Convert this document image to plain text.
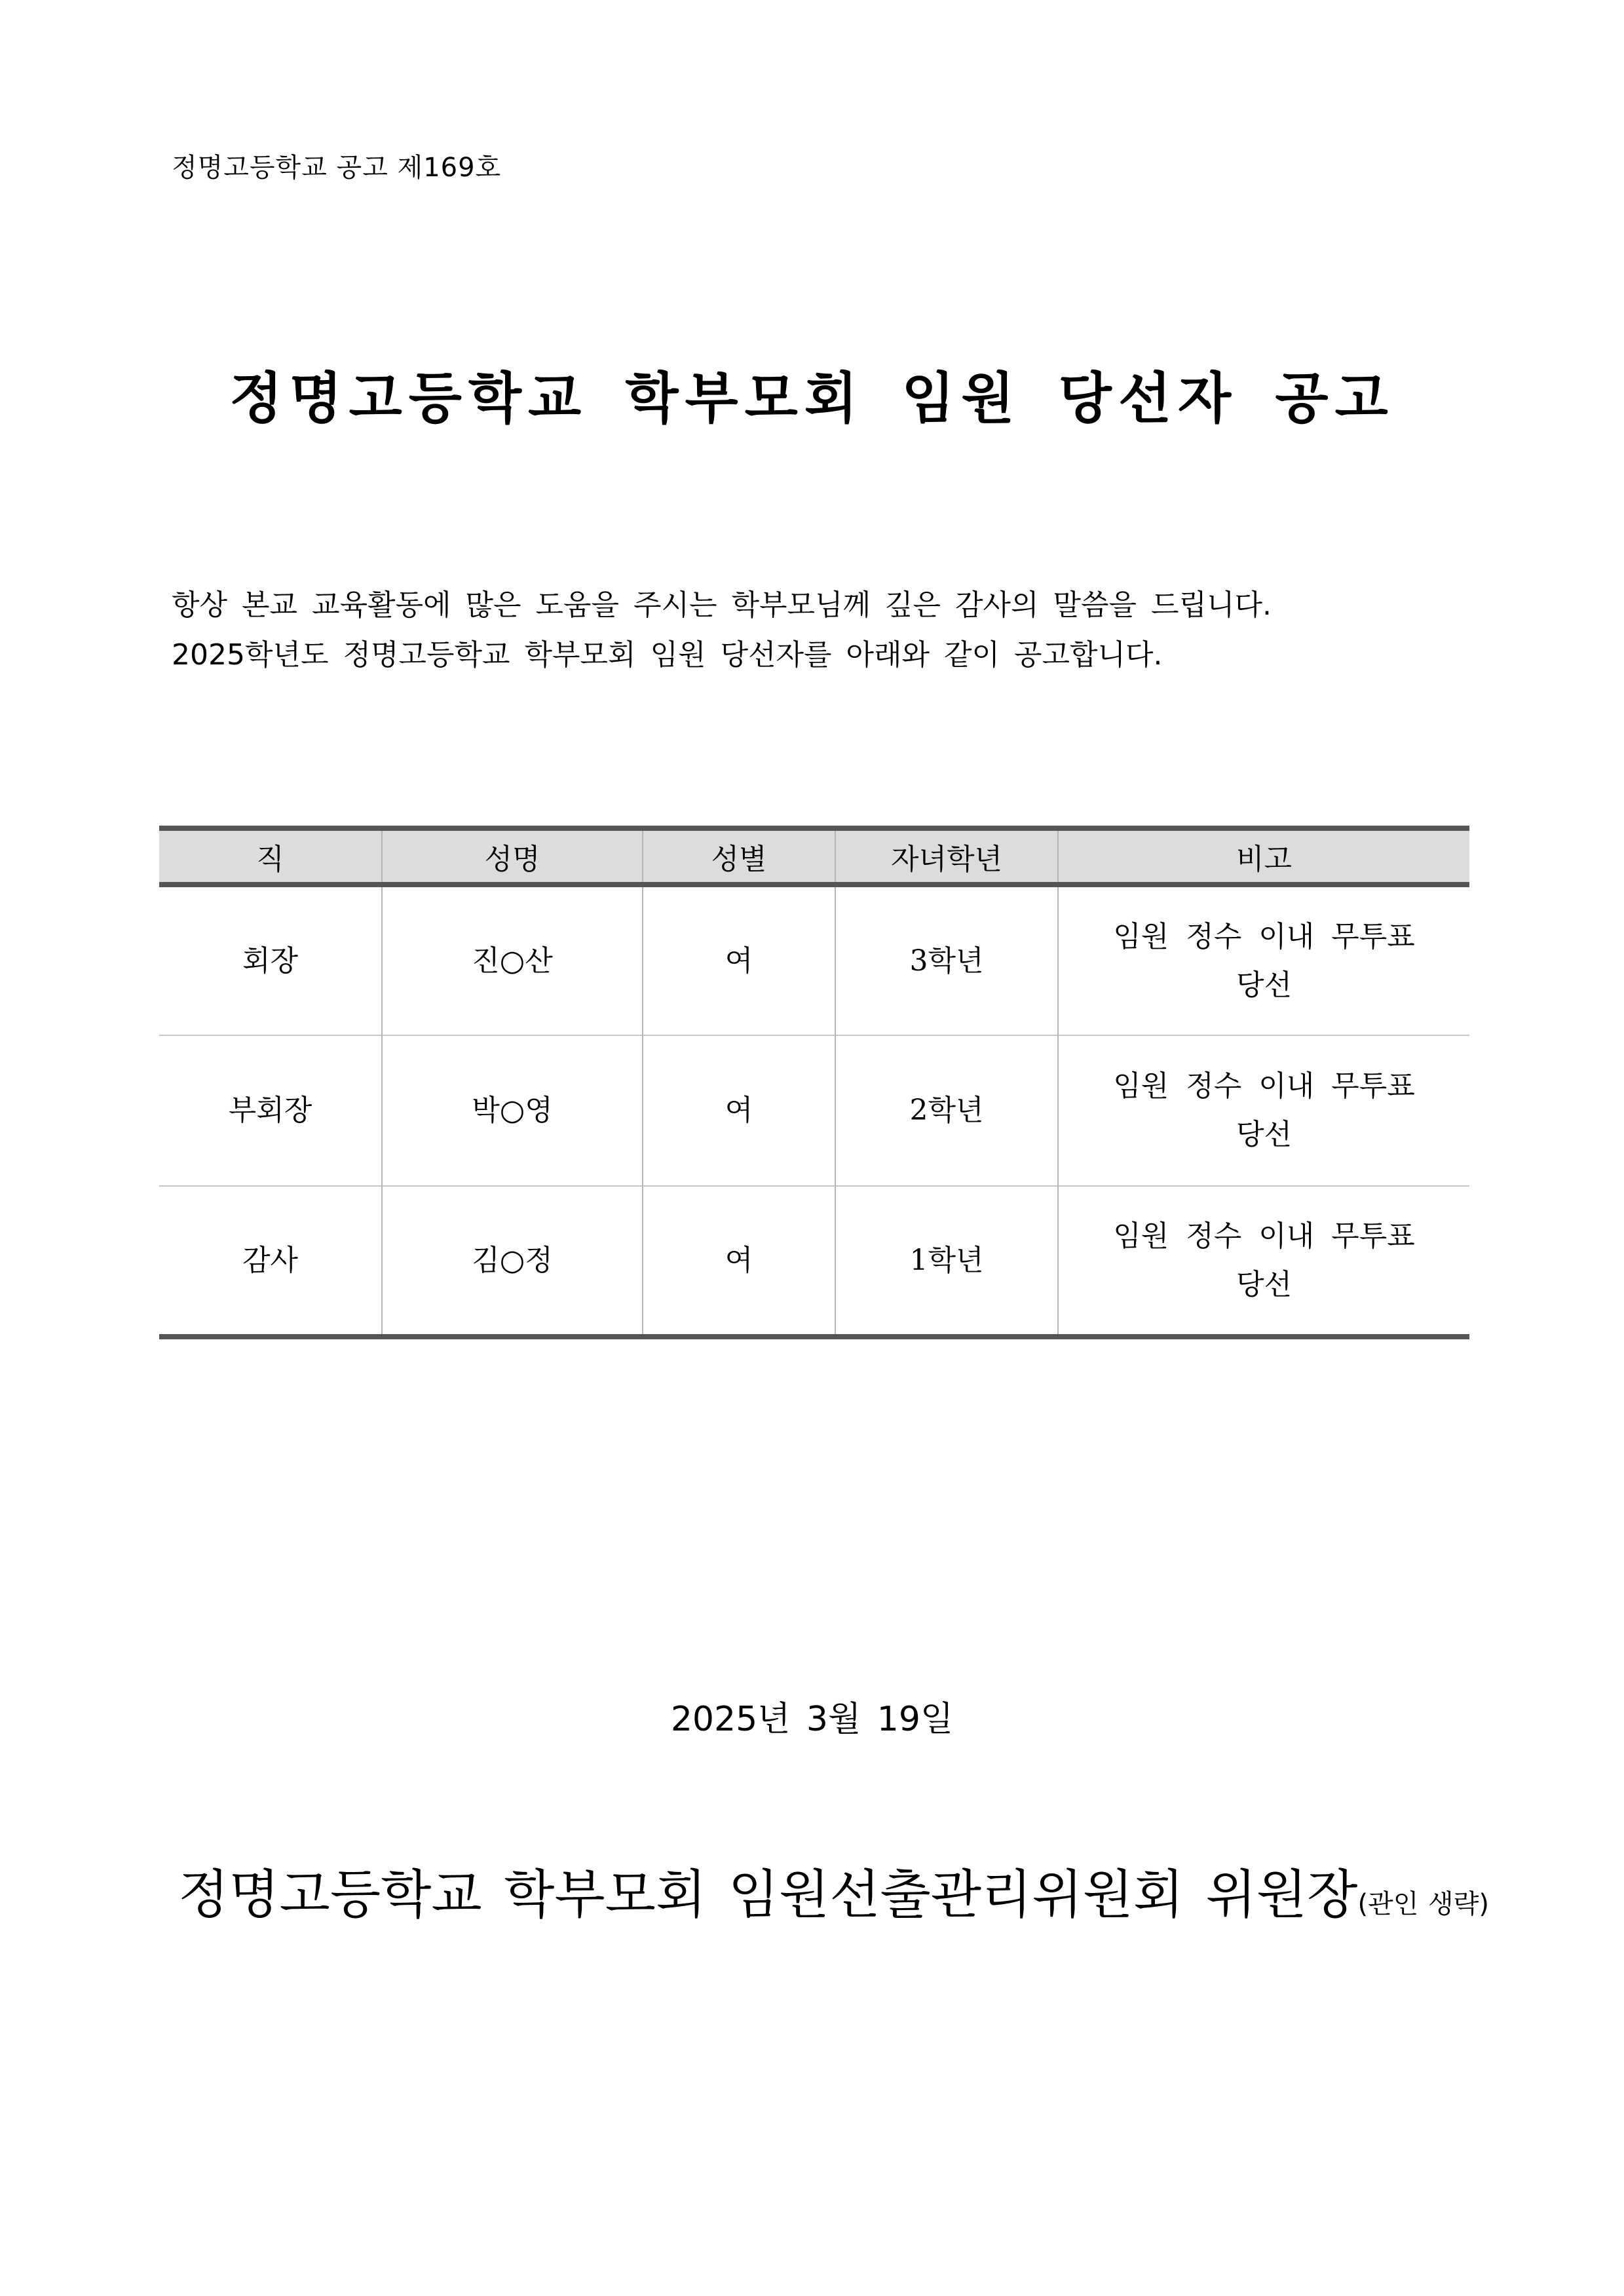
정명고등학교 공고 제169호
정명고등학교 학부모회 임원 당선자 공고

항상 본교 교육활동에 많은 도움을 주시는 학부모님께 깊은 감사의 말씀을 드립니다.

2025학년도 정명고등학교 학부모회 임원 당선자를 아래와 같이 공고합니다.

직	성명	성별	자녀학년	비고
회장	진○산	여	3학년	임원 정수 이내 무투표 당선
부회장	박○영	여	2학년	임원 정수 이내 무투표 당선
감사	김○정	여	1학년	임원 정수 이내 무투표 당선
2025년 3월 19일
정명고등학교 학부모회 임원선출관리위원회 위원장(관인 생략)
